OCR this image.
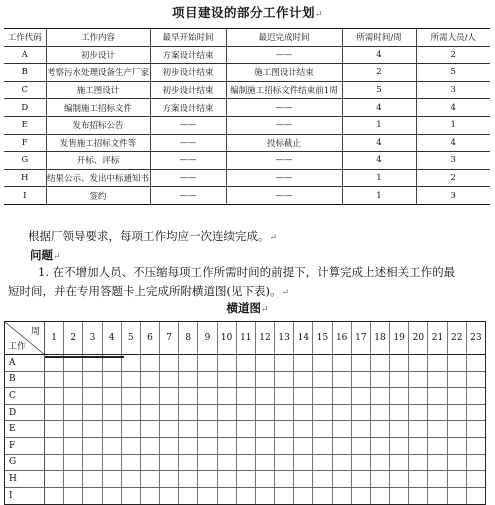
项目建设的部分工作计划↵
工作代码	工作内容	最早开始时间	最迟完成时间	所需时间/周	所需人员/人
A	初步设计	方案设计结束	——	4	2
B	考察污水处理设备生产厂家	初步设计结束	施工图设计结束	2	5
C	施工图设计	初步设计结束	编制施工招标文件结束前1周	5	3
D	编制施工招标文件	方案设计结束	——	4	4
E	发布招标公告	——	——	1	1
F	发售施工招标文件等	——	投标截止	4	4
G	开标、评标	——	——	4	3
H	结果公示、发出中标通知书	——	——	1	2
I	签约	——	——	1	3
根据厂领导要求，每项工作均应一次连续完成。↵
问题↵
1. 在不增加人员、不压缩每项工作所需时间的前提下，计算完成上述相关工作的最
短时间，并在专用答题卡上完成所附横道图(见下表)。↵
横道图↵
周
工作
1	2	3	4	5	6	7	8	9	10 11 12 13 14 15 16 17 18 19 20 21 22 23
A
B
C
D
E
F
G
H
I
